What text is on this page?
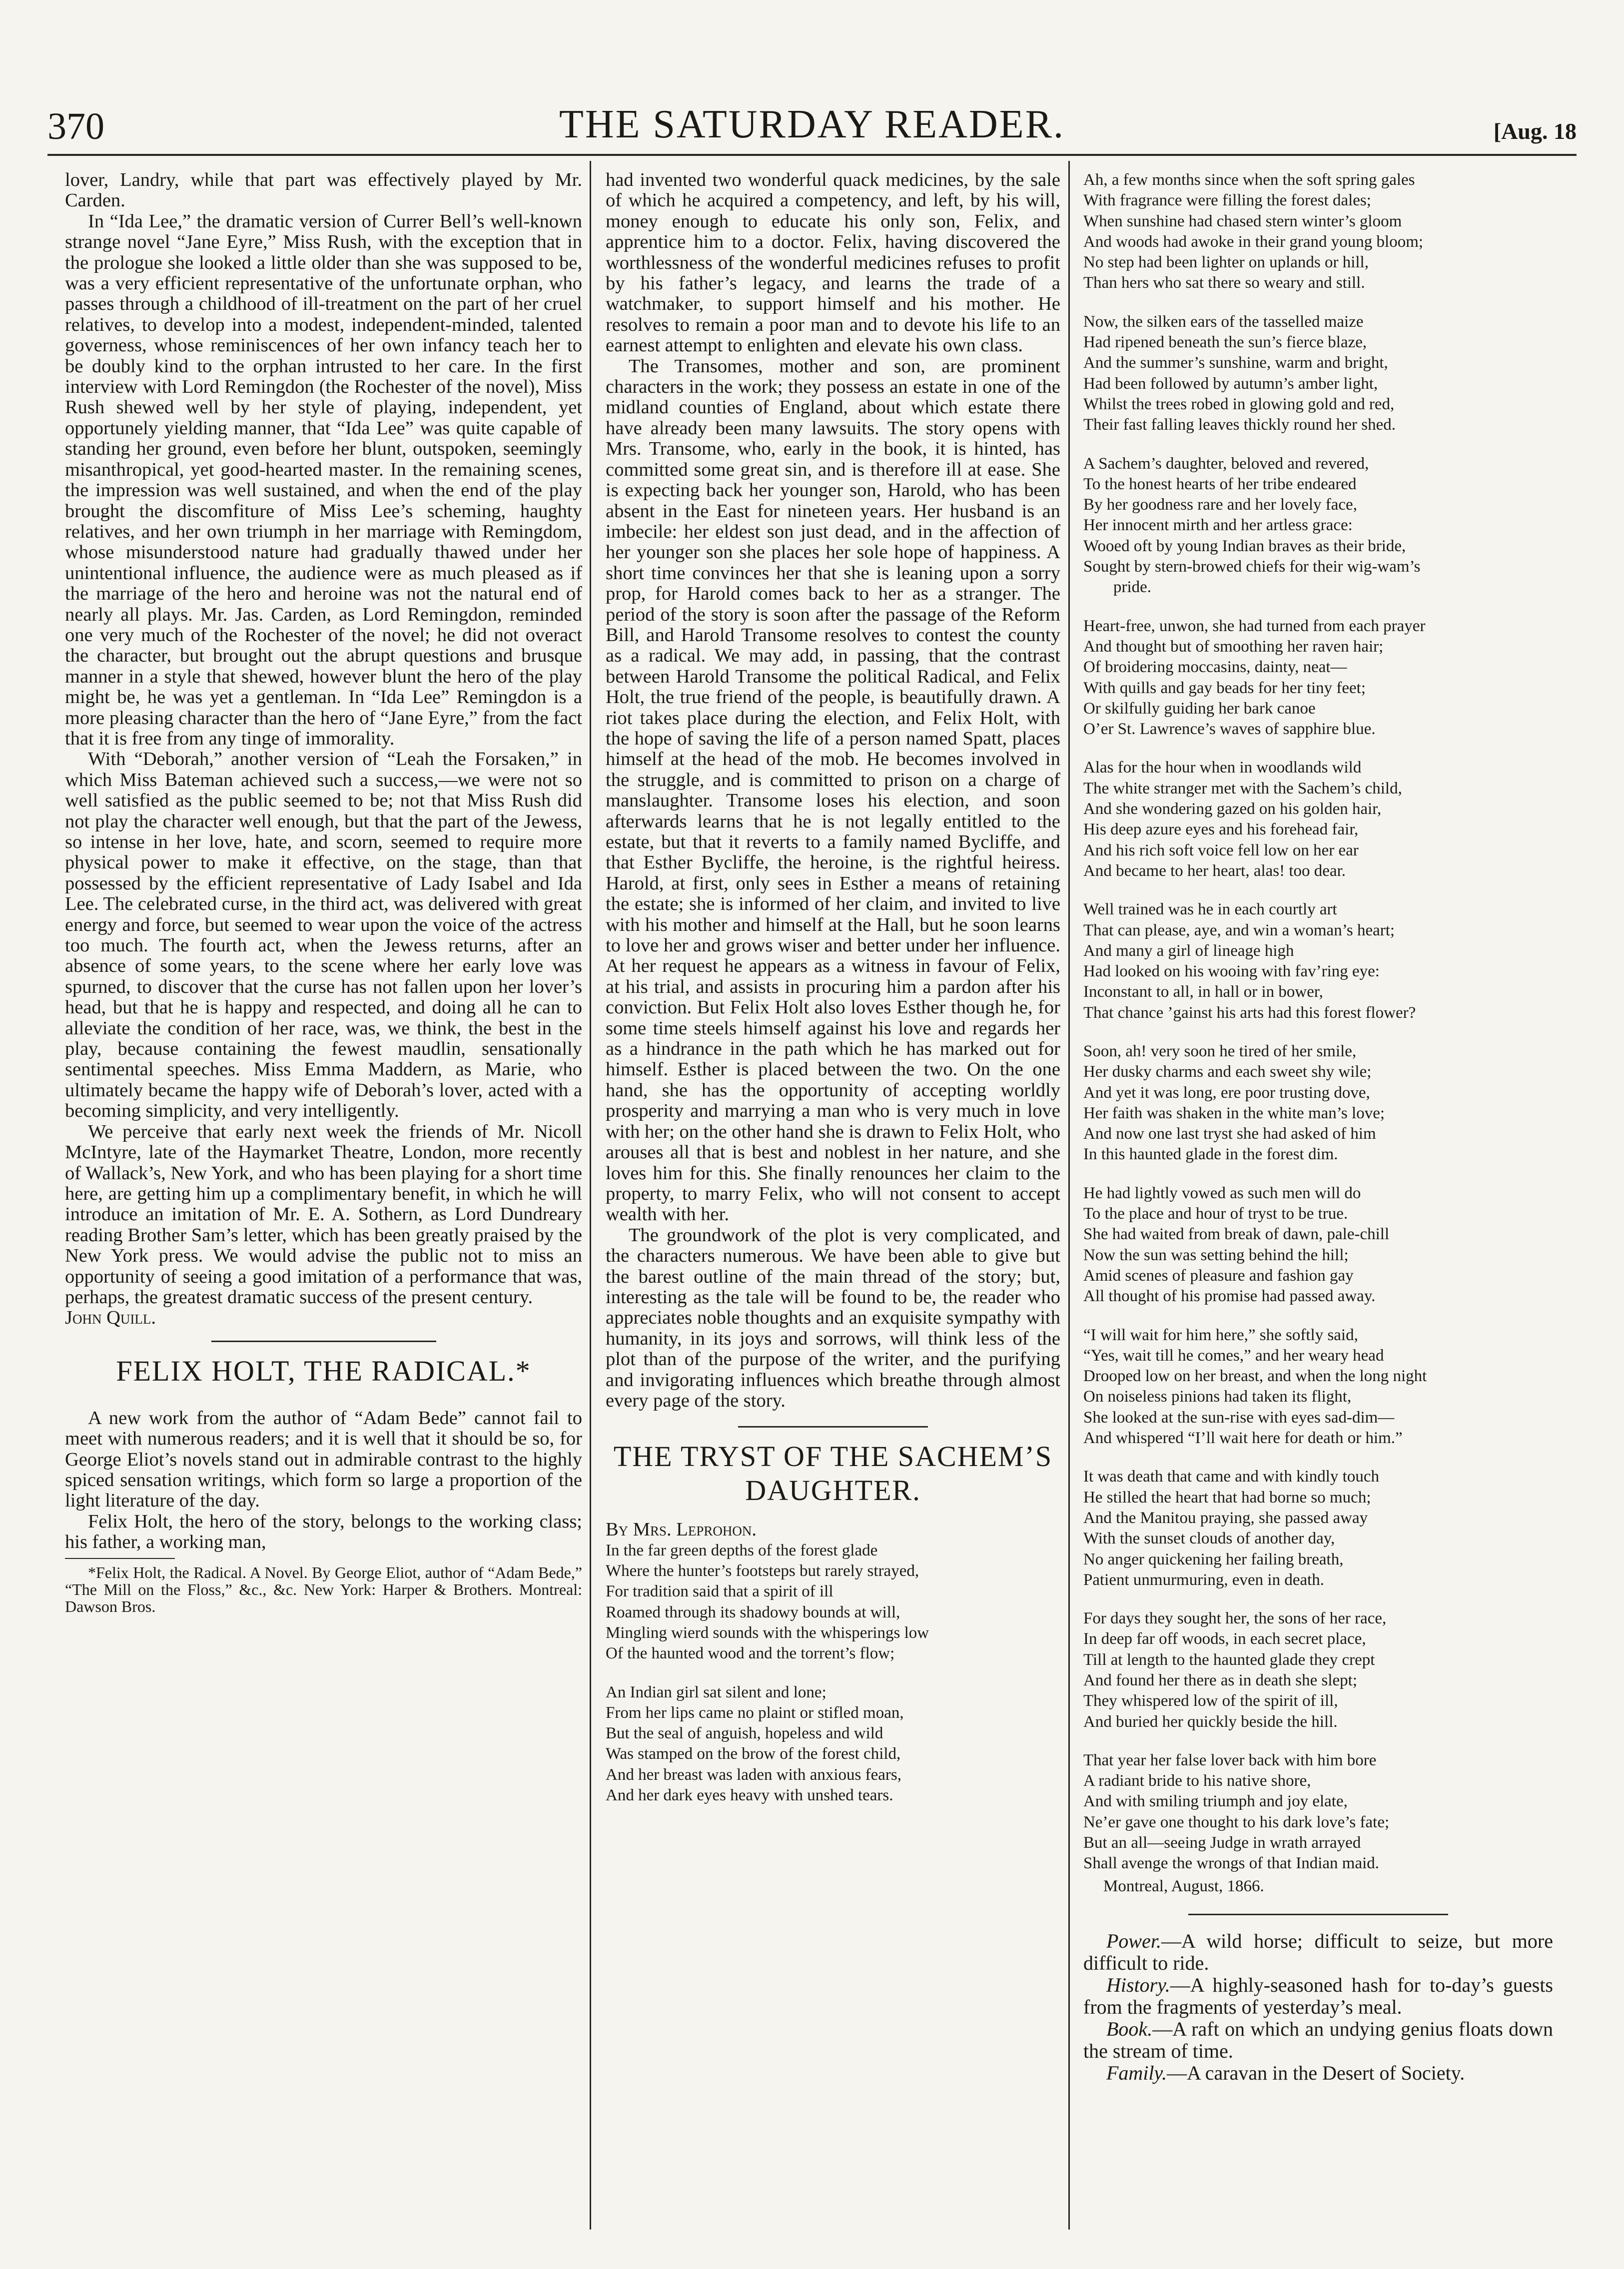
370	THE SATURDAY READER.	[Aug. 18

lover, Landry, while that part was effectively played by Mr. Carden.

In “Ida Lee,” the dramatic version of Currer Bell’s well-known strange novel “Jane Eyre,” Miss Rush, with the exception that in the prologue she looked a little older than she was supposed to be, was a very efficient representative of the unfortunate orphan, who passes through a childhood of ill-treatment on the part of her cruel relatives, to develop into a modest, independent-minded, talented governess, whose reminiscences of her own infancy teach her to be doubly kind to the orphan intrusted to her care. In the first interview with Lord Remingdon (the Rochester of the novel), Miss Rush shewed well by her style of playing, independent, yet opportunely yielding manner, that “Ida Lee” was quite capable of standing her ground, even before her blunt, outspoken, seemingly misanthropical, yet good-hearted master. In the remaining scenes, the impression was well sustained, and when the end of the play brought the discomfiture of Miss Lee’s scheming, haughty relatives, and her own triumph in her marriage with Remingdom, whose misunderstood nature had gradually thawed under her unintentional influence, the audience were as much pleased as if the marriage of the hero and heroine was not the natural end of nearly all plays. Mr. Jas. Carden, as Lord Remingdon, reminded one very much of the Rochester of the novel; he did not overact the character, but brought out the abrupt questions and brusque manner in a style that shewed, however blunt the hero of the play might be, he was yet a gentleman. In “Ida Lee” Remingdon is a more pleasing character than the hero of “Jane Eyre,” from the fact that it is free from any tinge of immorality.

With “Deborah,” another version of “Leah the Forsaken,” in which Miss Bateman achieved such a success,—we were not so well satisfied as the public seemed to be; not that Miss Rush did not play the character well enough, but that the part of the Jewess, so intense in her love, hate, and scorn, seemed to require more physical power to make it effective, on the stage, than that possessed by the efficient representative of Lady Isabel and Ida Lee. The celebrated curse, in the third act, was delivered with great energy and force, but seemed to wear upon the voice of the actress too much. The fourth act, when the Jewess returns, after an absence of some years, to the scene where her early love was spurned, to discover that the curse has not fallen upon her lover’s head, but that he is happy and respected, and doing all he can to alleviate the condition of her race, was, we think, the best in the play, because containing the fewest maudlin, sensationally sentimental speeches. Miss Emma Maddern, as Marie, who ultimately became the happy wife of Deborah’s lover, acted with a becoming simplicity, and very intelligently.

We perceive that early next week the friends of Mr. Nicoll McIntyre, late of the Haymarket Theatre, London, more recently of Wallack’s, New York, and who has been playing for a short time here, are getting him up a complimentary benefit, in which he will introduce an imitation of Mr. E. A. Sothern, as Lord Dundreary reading Brother Sam’s letter, which has been greatly praised by the New York press. We would advise the public not to miss an opportunity of seeing a good imitation of a performance that was, perhaps, the greatest dramatic success of the present century.

John Quill.

FELIX HOLT, THE RADICAL.*

A new work from the author of “Adam Bede” cannot fail to meet with numerous readers; and it is well that it should be so, for George Eliot’s novels stand out in admirable contrast to the highly spiced sensation writings, which form so large a proportion of the light literature of the day.

Felix Holt, the hero of the story, belongs to the working class; his father, a working man,

*Felix Holt, the Radical. A Novel. By George Eliot, author of “Adam Bede,” “The Mill on the Floss,” &c., &c. New York: Harper & Brothers. Montreal: Dawson Bros.

had invented two wonderful quack medicines, by the sale of which he acquired a competency, and left, by his will, money enough to educate his only son, Felix, and apprentice him to a doctor. Felix, having discovered the worthlessness of the wonderful medicines refuses to profit by his father’s legacy, and learns the trade of a watchmaker, to support himself and his mother. He resolves to remain a poor man and to devote his life to an earnest attempt to enlighten and elevate his own class.

The Transomes, mother and son, are prominent characters in the work; they possess an estate in one of the midland counties of England, about which estate there have already been many lawsuits. The story opens with Mrs. Transome, who, early in the book, it is hinted, has committed some great sin, and is therefore ill at ease. She is expecting back her younger son, Harold, who has been absent in the East for nineteen years. Her husband is an imbecile: her eldest son just dead, and in the affection of her younger son she places her sole hope of happiness. A short time convinces her that she is leaning upon a sorry prop, for Harold comes back to her as a stranger. The period of the story is soon after the passage of the Reform Bill, and Harold Transome resolves to contest the county as a radical. We may add, in passing, that the contrast between Harold Transome the political Radical, and Felix Holt, the true friend of the people, is beautifully drawn. A riot takes place during the election, and Felix Holt, with the hope of saving the life of a person named Spatt, places himself at the head of the mob. He becomes involved in the struggle, and is committed to prison on a charge of manslaughter. Transome loses his election, and soon afterwards learns that he is not legally entitled to the estate, but that it reverts to a family named Bycliffe, and that Esther Bycliffe, the heroine, is the rightful heiress. Harold, at first, only sees in Esther a means of retaining the estate; she is informed of her claim, and invited to live with his mother and himself at the Hall, but he soon learns to love her and grows wiser and better under her influence. At her request he appears as a witness in favour of Felix, at his trial, and assists in procuring him a pardon after his conviction. But Felix Holt also loves Esther though he, for some time steels himself against his love and regards her as a hindrance in the path which he has marked out for himself. Esther is placed between the two. On the one hand, she has the opportunity of accepting worldly prosperity and marrying a man who is very much in love with her; on the other hand she is drawn to Felix Holt, who arouses all that is best and noblest in her nature, and she loves him for this. She finally renounces her claim to the property, to marry Felix, who will not consent to accept wealth with her.

The groundwork of the plot is very complicated, and the characters numerous. We have been able to give but the barest outline of the main thread of the story; but, interesting as the tale will be found to be, the reader who appreciates noble thoughts and an exquisite sympathy with humanity, in its joys and sorrows, will think less of the plot than of the purpose of the writer, and the purifying and invigorating influences which breathe through almost every page of the story.

THE TRYST OF THE SACHEM’S DAUGHTER.

By Mrs. Leprohon.

In the far green depths of the forest glade
Where the hunter’s footsteps but rarely strayed,
For tradition said that a spirit of ill
Roamed through its shadowy bounds at will,
Mingling wierd sounds with the whisperings low
Of the haunted wood and the torrent’s flow;
An Indian girl sat silent and lone;
From her lips came no plaint or stifled moan,
But the seal of anguish, hopeless and wild
Was stamped on the brow of the forest child,
And her breast was laden with anxious fears,
And her dark eyes heavy with unshed tears.
Ah, a few months since when the soft spring gales
With fragrance were filling the forest dales;
When sunshine had chased stern winter’s gloom
And woods had awoke in their grand young bloom;
No step had been lighter on uplands or hill,
Than hers who sat there so weary and still.
Now, the silken ears of the tasselled maize
Had ripened beneath the sun’s fierce blaze,
And the summer’s sunshine, warm and bright,
Had been followed by autumn’s amber light,
Whilst the trees robed in glowing gold and red,
Their fast falling leaves thickly round her shed.
A Sachem’s daughter, beloved and revered,
To the honest hearts of her tribe endeared
By her goodness rare and her lovely face,
Her innocent mirth and her artless grace:
Wooed oft by young Indian braves as their bride,
Sought by stern-browed chiefs for their wig-wam’s
pride.
Heart-free, unwon, she had turned from each prayer
And thought but of smoothing her raven hair;
Of broidering moccasins, dainty, neat—
With quills and gay beads for her tiny feet;
Or skilfully guiding her bark canoe
O’er St. Lawrence’s waves of sapphire blue.
Alas for the hour when in woodlands wild
The white stranger met with the Sachem’s child,
And she wondering gazed on his golden hair,
His deep azure eyes and his forehead fair,
And his rich soft voice fell low on her ear
And became to her heart, alas! too dear.
Well trained was he in each courtly art
That can please, aye, and win a woman’s heart;
And many a girl of lineage high
Had looked on his wooing with fav’ring eye:
Inconstant to all, in hall or in bower,
That chance ’gainst his arts had this forest flower?
Soon, ah! very soon he tired of her smile,
Her dusky charms and each sweet shy wile;
And yet it was long, ere poor trusting dove,
Her faith was shaken in the white man’s love;
And now one last tryst she had asked of him
In this haunted glade in the forest dim.
He had lightly vowed as such men will do
To the place and hour of tryst to be true.
She had waited from break of dawn, pale-chill
Now the sun was setting behind the hill;
Amid scenes of pleasure and fashion gay
All thought of his promise had passed away.
“I will wait for him here,” she softly said,
“Yes, wait till he comes,” and her weary head
Drooped low on her breast, and when the long night
On noiseless pinions had taken its flight,
She looked at the sun-rise with eyes sad-dim—
And whispered “I’ll wait here for death or him.”
It was death that came and with kindly touch
He stilled the heart that had borne so much;
And the Manitou praying, she passed away
With the sunset clouds of another day,
No anger quickening her failing breath,
Patient unmurmuring, even in death.
For days they sought her, the sons of her race,
In deep far off woods, in each secret place,
Till at length to the haunted glade they crept
And found her there as in death she slept;
They whispered low of the spirit of ill,
And buried her quickly beside the hill.
That year her false lover back with him bore
A radiant bride to his native shore,
And with smiling triumph and joy elate,
Ne’er gave one thought to his dark love’s fate;
But an all—seeing Judge in wrath arrayed
Shall avenge the wrongs of that Indian maid.
Montreal, August, 1866.

Power.—A wild horse; difficult to seize, but more difficult to ride.

History.—A highly-seasoned hash for to-day’s guests from the fragments of yesterday’s meal.

Book.—A raft on which an undying genius floats down the stream of time.

Family.—A caravan in the Desert of Society.
